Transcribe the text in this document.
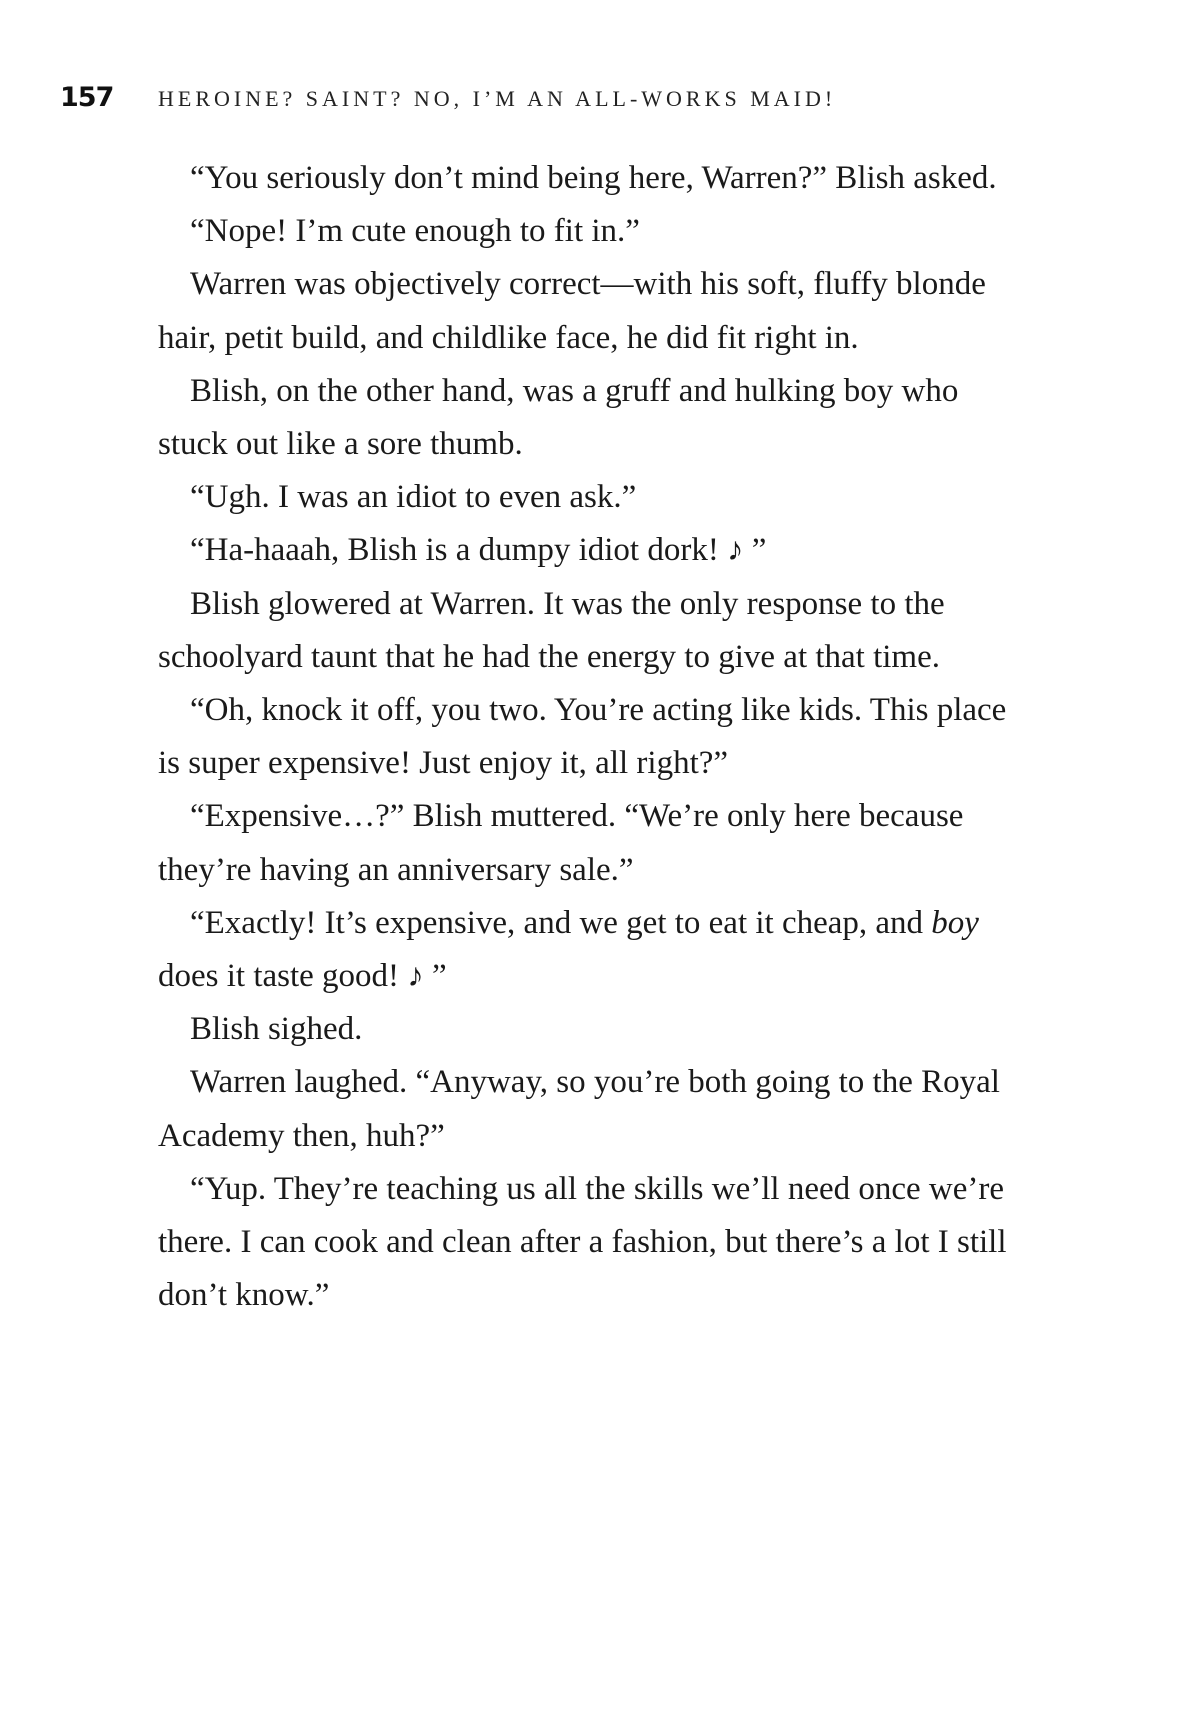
157	HEROINE? SAINT? NO, I’M AN ALL-WORKS MAID!

“You seriously don’t mind being here, Warren?” Blish asked.

“Nope! I’m cute enough to fit in.”

Warren was objectively correct—with his soft, fluffy blonde hair, petit build, and childlike face, he did fit right in.

Blish, on the other hand, was a gruff and hulking boy who stuck out like a sore thumb.

“Ugh. I was an idiot to even ask.”

“Ha-haaah, Blish is a dumpy idiot dork! ♪ ”

Blish glowered at Warren. It was the only response to the schoolyard taunt that he had the energy to give at that time.

“Oh, knock it off, you two. You’re acting like kids. This place is super expensive! Just enjoy it, all right?”

“Expensive…?” Blish muttered. “We’re only here because they’re having an anniversary sale.”

“Exactly! It’s expensive, and we get to eat it cheap, and boy does it taste good! ♪ ”

Blish sighed.

Warren laughed. “Anyway, so you’re both going to the Royal Academy then, huh?”

“Yup. They’re teaching us all the skills we’ll need once we’re there. I can cook and clean after a fashion, but there’s a lot I still don’t know.”
